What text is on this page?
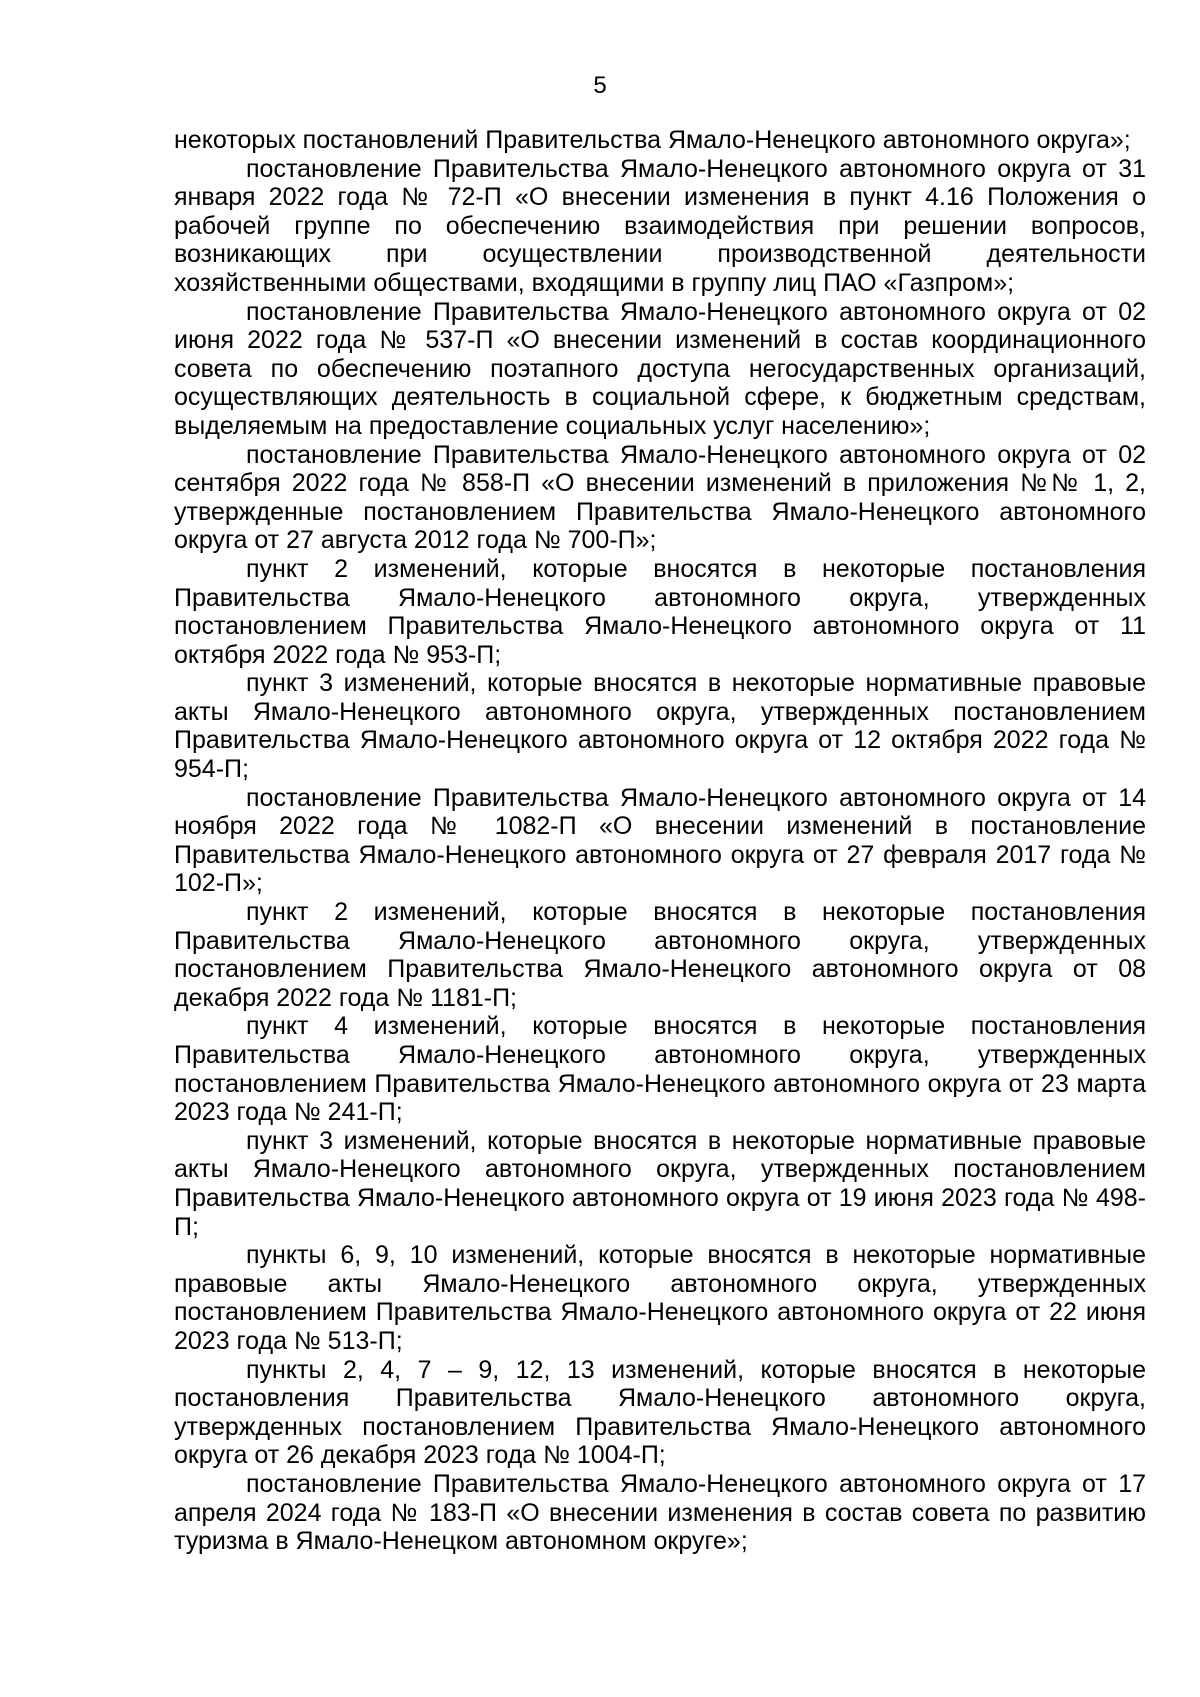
5

некоторых постановлений Правительства Ямало-Ненецкого автономного округа»;

постановление Правительства Ямало-Ненецкого автономного округа от 31 января 2022 года № 72-П «О внесении изменения в пункт 4.16 Положения о рабочей группе по обеспечению взаимодействия при решении вопросов, возникающих при осуществлении производственной деятельности хозяйственными обществами, входящими в группу лиц ПАО «Газпром»;

постановление Правительства Ямало-Ненецкого автономного округа от 02 июня 2022 года № 537-П «О внесении изменений в состав координационного совета по обеспечению поэтапного доступа негосударственных организаций, осуществляющих деятельность в социальной сфере, к бюджетным средствам, выделяемым на предоставление социальных услуг населению»;

постановление Правительства Ямало-Ненецкого автономного округа от 02 сентября 2022 года № 858-П «О внесении изменений в приложения №№ 1, 2, утвержденные постановлением Правительства Ямало-Ненецкого автономного округа от 27 августа 2012 года № 700-П»;

пункт 2 изменений, которые вносятся в некоторые постановления Правительства Ямало-Ненецкого автономного округа, утвержденных постановлением Правительства Ямало-Ненецкого автономного округа от 11 октября 2022 года № 953-П;

пункт 3 изменений, которые вносятся в некоторые нормативные правовые акты Ямало-Ненецкого автономного округа, утвержденных постановлением Правительства Ямало-Ненецкого автономного округа от 12 октября 2022 года № 954-П;

постановление Правительства Ямало-Ненецкого автономного округа от 14 ноября 2022 года № 1082-П «О внесении изменений в постановление Правительства Ямало-Ненецкого автономного округа от 27 февраля 2017 года № 102-П»;

пункт 2 изменений, которые вносятся в некоторые постановления Правительства Ямало-Ненецкого автономного округа, утвержденных постановлением Правительства Ямало-Ненецкого автономного округа от 08 декабря 2022 года № 1181-П;

пункт 4 изменений, которые вносятся в некоторые постановления Правительства Ямало-Ненецкого автономного округа, утвержденных постановлением Правительства Ямало-Ненецкого автономного округа от 23 марта 2023 года № 241-П;

пункт 3 изменений, которые вносятся в некоторые нормативные правовые акты Ямало-Ненецкого автономного округа, утвержденных постановлением Правительства Ямало-Ненецкого автономного округа от 19 июня 2023 года № 498-П;

пункты 6, 9, 10 изменений, которые вносятся в некоторые нормативные правовые акты Ямало-Ненецкого автономного округа, утвержденных постановлением Правительства Ямало-Ненецкого автономного округа от 22 июня 2023 года № 513-П;

пункты 2, 4, 7 – 9, 12, 13 изменений, которые вносятся в некоторые постановления Правительства Ямало-Ненецкого автономного округа, утвержденных постановлением Правительства Ямало-Ненецкого автономного округа от 26 декабря 2023 года № 1004-П;

постановление Правительства Ямало-Ненецкого автономного округа от 17 апреля 2024 года № 183-П «О внесении изменения в состав совета по развитию туризма в Ямало-Ненецком автономном округе»;
